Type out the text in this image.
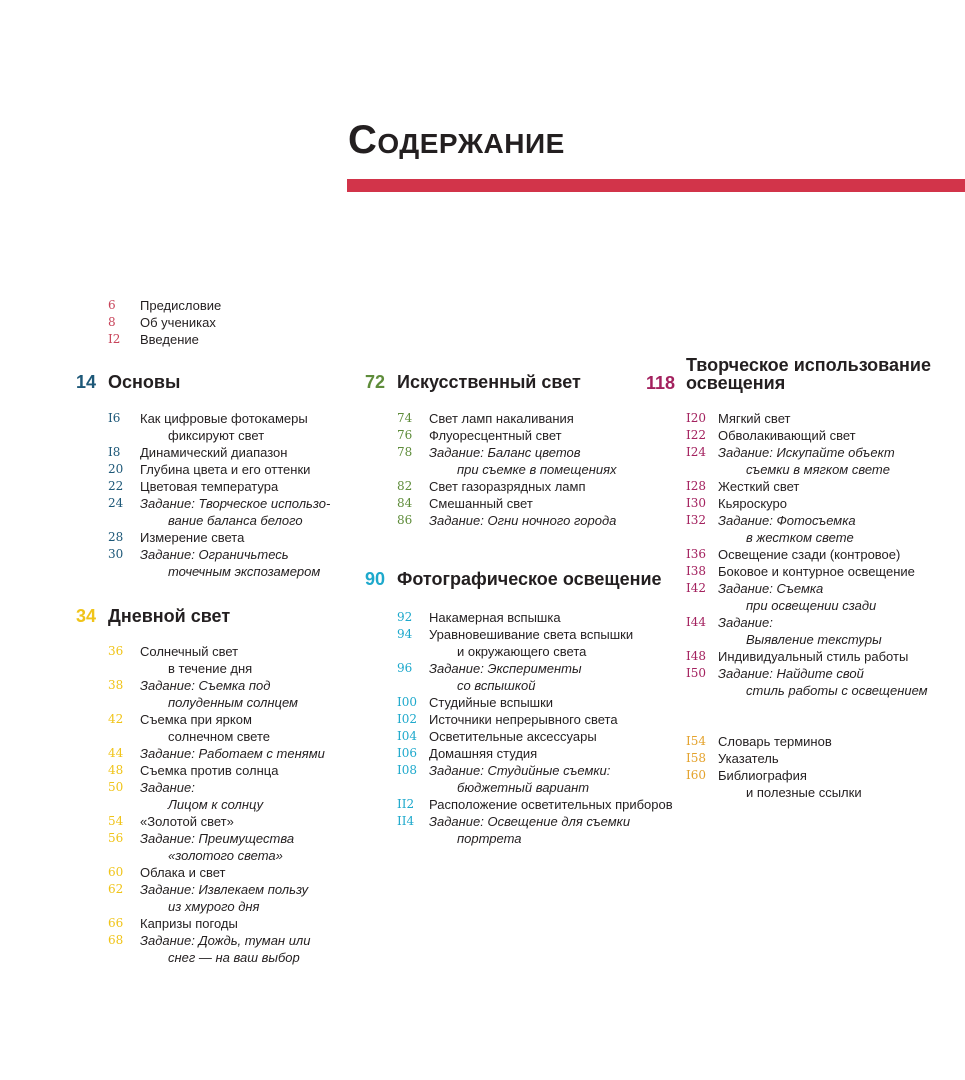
Содержание
6	Предисловие
8	Об учениках
I2	Введение
14 Основы
I6	Как цифровые фотокамеры
фиксируют свет
I8	Динамический диапазон
20	Глубина цвета и его оттенки
22	Цветовая температура
24	Задание: Творческое использо-
вание баланса белого
28	Измерение света
30	Задание: Ограничьтесь
точечным экспозамером
34 Дневной свет
36	Солнечный свет
в течение дня
38	Задание: Съемка под
полуденным солнцем
42	Съемка при ярком
солнечном свете
44	Задание: Работаем с тенями
48	Съемка против солнца
50	Задание:
Лицом к солнцу
54	«Золотой свет»
56	Задание: Преимущества
«золотого света»
60	Облака и свет
62	Задание: Извлекаем пользу
из хмурого дня
66	Капризы погоды
68	Задание: Дождь, туман или
снег — на ваш выбор
72 Искусственный свет
74	Свет ламп накаливания
76	Флуоресцентный свет
78	Задание: Баланс цветов
при съемке в помещениях
82	Свет газоразрядных ламп
84	Смешанный свет
86	Задание: Огни ночного города
90 Фотографическое освещение
92	Накамерная вспышка
94	Уравновешивание света вспышки
и окружающего света
96	Задание: Эксперименты
со вспышкой
I00 Студийные вспышки
I02 Источники непрерывного света
I04 Осветительные аксессуары
I06 Домашняя студия
I08 Задание: Студийные съемки:
бюджетный вариант
II2	Расположение осветительных приборов
II4	Задание: Освещение для съемки
портрета
118
Творческое использование
освещения
I20 Мягкий свет
I22 Обволакивающий свет
I24 Задание: Искупайте объект
съемки в мягком свете
I28 Жесткий свет
I30 Кьяроскуро
I32 Задание: Фотосъемка
в жестком свете
I36 Освещение сзади (контровое)
I38 Боковое и контурное освещение
I42 Задание: Съемка
при освещении сзади
I44 Задание:
Выявление текстуры
I48 Индивидуальный стиль работы
I50 Задание: Найдите свой
стиль работы с освещением
I54 Словарь терминов
I58 Указатель
I60 Библиография
и полезные ссылки
